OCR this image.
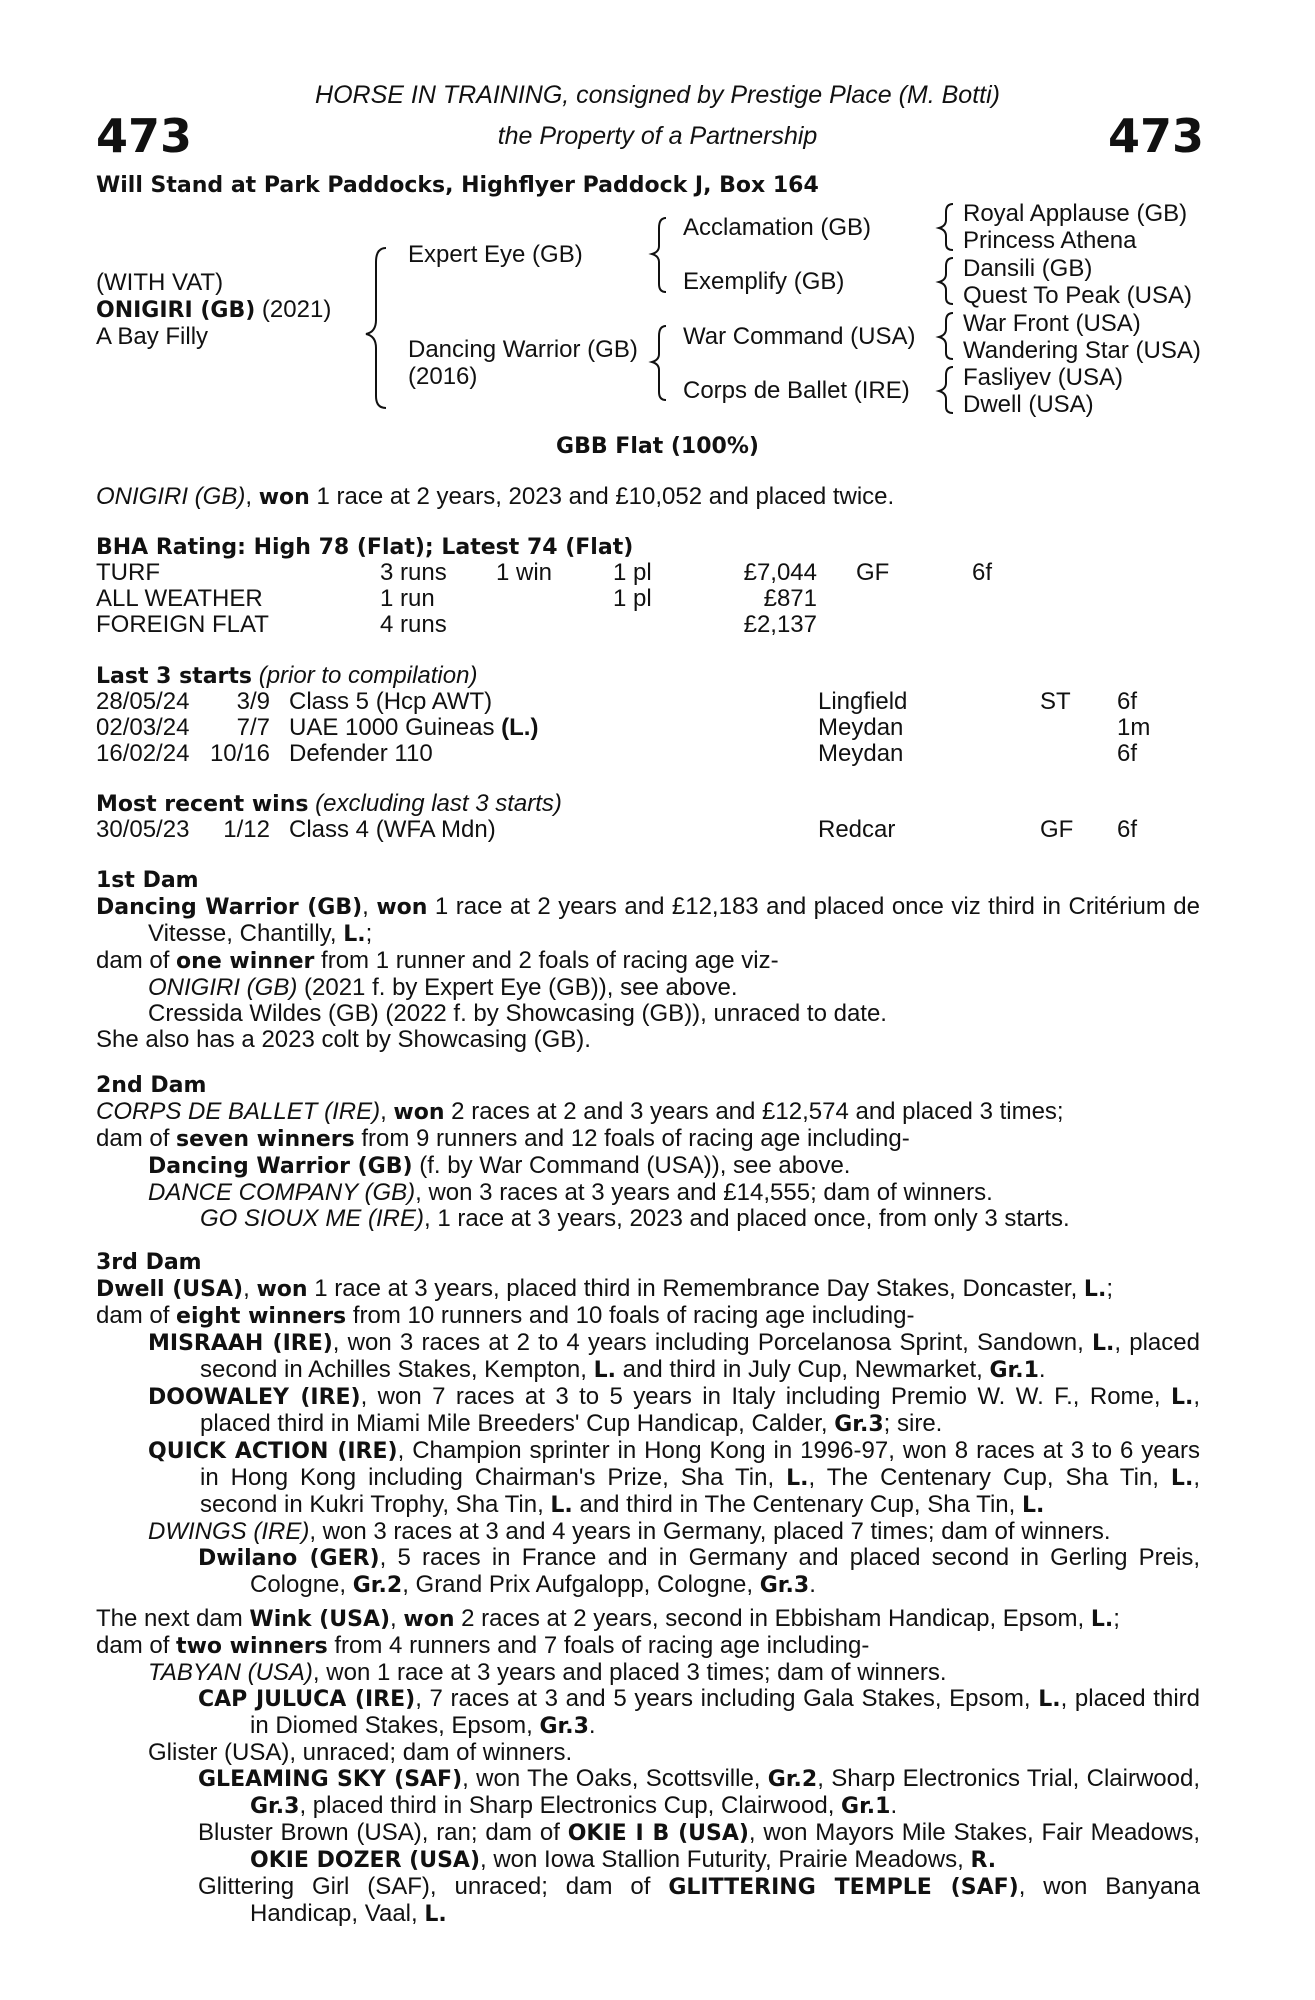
473	473
HORSE IN TRAINING, consigned by Prestige Place (M. Botti)
the Property of a Partnership
Will Stand at Park Paddocks, Highflyer Paddock J, Box 164
(WITH VAT)
ONIGIRI (GB) (2021)
A Bay Filly
Expert Eye (GB)
Dancing Warrior (GB)
(2016)
Acclamation (GB)
Exemplify (GB)
War Command (USA)
Corps de Ballet (IRE)
Royal Applause (GB)
Princess Athena
Dansili (GB)
Quest To Peak (USA)
War Front (USA)
Wandering Star (USA)
Fasliyev (USA)
Dwell (USA)
GBB Flat (100%)
ONIGIRI (GB), won 1 race at 2 years, 2023 and £10,052 and placed twice.
BHA Rating: High 78 (Flat); Latest 74 (Flat)
TURF	3 runs 1 win	1 pl	£7,044 GF	6f
ALL WEATHER	1 run	1 pl	£871
FOREIGN FLAT	4 runs	£2,137
Last 3 starts (prior to compilation)
28/05/24 3/9 Class 5 (Hcp AWT)	Lingfield	ST 6f
02/03/24 7/7 UAE 1000 Guineas (L.)	Meydan	1m
16/02/24 10/16 Defender 110	Meydan	6f
Most recent wins (excluding last 3 starts)
30/05/23 1/12 Class 4 (WFA Mdn)	Redcar	GF 6f

1st Dam

Dancing Warrior (GB), won 1 race at 2 years and £12,183 and placed once viz third in Critérium de Vitesse, Chantilly, L.;

dam of one winner from 1 runner and 2 foals of racing age viz-

ONIGIRI (GB) (2021 f. by Expert Eye (GB)), see above.

Cressida Wildes (GB) (2022 f. by Showcasing (GB)), unraced to date.

She also has a 2023 colt by Showcasing (GB).

2nd Dam

CORPS DE BALLET (IRE), won 2 races at 2 and 3 years and £12,574 and placed 3 times;

dam of seven winners from 9 runners and 12 foals of racing age including-

Dancing Warrior (GB) (f. by War Command (USA)), see above.

DANCE COMPANY (GB), won 3 races at 3 years and £14,555; dam of winners.

GO SIOUX ME (IRE), 1 race at 3 years, 2023 and placed once, from only 3 starts.

3rd Dam

Dwell (USA), won 1 race at 3 years, placed third in Remembrance Day Stakes, Doncaster, L.;

dam of eight winners from 10 runners and 10 foals of racing age including-

MISRAAH (IRE), won 3 races at 2 to 4 years including Porcelanosa Sprint, Sandown, L., placed second in Achilles Stakes, Kempton, L. and third in July Cup, Newmarket, Gr.1.

DOOWALEY (IRE), won 7 races at 3 to 5 years in Italy including Premio W. W. F., Rome, L., placed third in Miami Mile Breeders' Cup Handicap, Calder, Gr.3; sire.

QUICK ACTION (IRE), Champion sprinter in Hong Kong in 1996-97, won 8 races at 3 to 6 years in Hong Kong including Chairman's Prize, Sha Tin, L., The Centenary Cup, Sha Tin, L., second in Kukri Trophy, Sha Tin, L. and third in The Centenary Cup, Sha Tin, L.

DWINGS (IRE), won 3 races at 3 and 4 years in Germany, placed 7 times; dam of winners.

Dwilano (GER), 5 races in France and in Germany and placed second in Gerling Preis, Cologne, Gr.2, Grand Prix Aufgalopp, Cologne, Gr.3.

The next dam Wink (USA), won 2 races at 2 years, second in Ebbisham Handicap, Epsom, L.;

dam of two winners from 4 runners and 7 foals of racing age including-

TABYAN (USA), won 1 race at 3 years and placed 3 times; dam of winners.

CAP JULUCA (IRE), 7 races at 3 and 5 years including Gala Stakes, Epsom, L., placed third in Diomed Stakes, Epsom, Gr.3.

Glister (USA), unraced; dam of winners.

GLEAMING SKY (SAF), won The Oaks, Scottsville, Gr.2, Sharp Electronics Trial, Clairwood, Gr.3, placed third in Sharp Electronics Cup, Clairwood, Gr.1.

Bluster Brown (USA), ran; dam of OKIE I B (USA), won Mayors Mile Stakes, Fair Meadows, OKIE DOZER (USA), won Iowa Stallion Futurity, Prairie Meadows, R.

Glittering Girl (SAF), unraced; dam of GLITTERING TEMPLE (SAF), won Banyana Handicap, Vaal, L.
